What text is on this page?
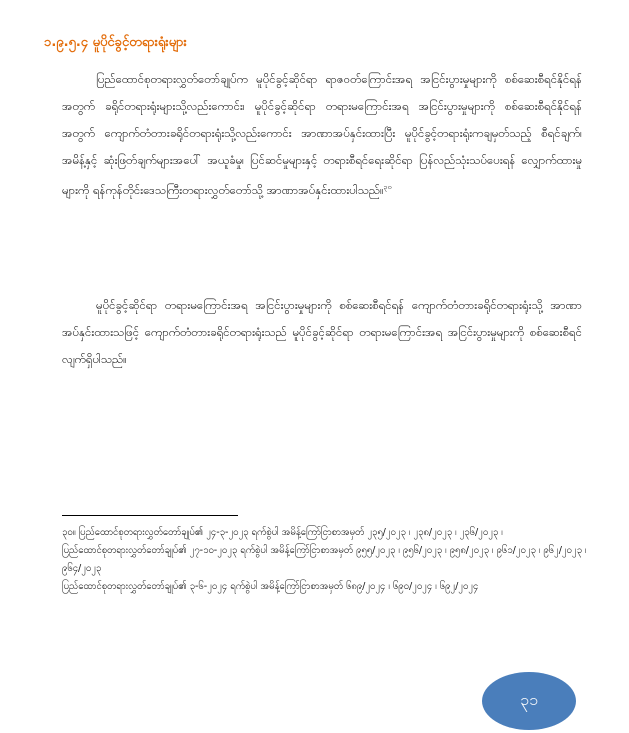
၁.၉.၅.၄ မူပိုင်ခွင့်တရားရုံးများ

ပြည်ထောင်စုတရားလွှတ်တော်ချုပ်က မူပိုင်ခွင့်ဆိုင်ရာ ရာဇဝတ်ကြောင်းအရ အငြင်းပွားမှုများကို စစ်ဆေးစီရင်နိုင်ရန်အတွက် ခရိုင်တရားရုံးများသို့လည်းကောင်း၊ မူပိုင်ခွင့်ဆိုင်ရာ တရားမကြောင်းအရ အငြင်းပွားမှုများကို စစ်ဆေးစီရင်နိုင်ရန်အတွက် ကျောက်တံတားခရိုင်တရားရုံးသို့လည်းကောင်း အာဏာအပ်နှင်းထားပြီး မူပိုင်ခွင့်တရားရုံးကချမှတ်သည့် စီရင်ချက်၊ အမိန့်နှင့် ဆုံးဖြတ်ချက်များအပေါ် အယူခံမှု၊ ပြင်ဆင်မှုများနှင့် တရားစီရင်ရေးဆိုင်ရာ ပြန်လည်သုံးသပ်ပေးရန် လျှောက်ထားမှုများကို ရန်ကုန်တိုင်းဒေသကြီးတရားလွှတ်တော်သို့ အာဏာအပ်နှင်းထားပါသည်။$^{၃၀}$

မူပိုင်ခွင့်ဆိုင်ရာ တရားမကြောင်းအရ အငြင်းပွားမှုများကို စစ်ဆေးစီရင်ရန် ကျောက်တံတားခရိုင်တရားရုံးသို့ အာဏာအပ်နှင်းထားသဖြင့် ကျောက်တံတားခရိုင်တရားရုံးသည် မူပိုင်ခွင့်ဆိုင်ရာ တရားမကြောင်းအရ အငြင်းပွားမှုများကို စစ်ဆေးစီရင်လျက်ရှိပါသည်။

၃၀။ ပြည်ထောင်စုတရားလွှတ်တော်ချုပ်၏ ၂၄-၃-၂၀၂၃ ရက်စွဲပါ အမိန့်ကြော်ငြာစာအမှတ် ၂၃၅/၂၀၂၃ ၊ ၂၃၈/၂၀၂၃ ၊ ၂၃၆/၂၀၂၃ ၊

ပြည်ထောင်စုတရားလွှတ်တော်ချုပ်၏ ၂၇-၁၀-၂၀၂၃ ရက်စွဲပါ အမိန့်ကြော်ငြာစာအမှတ် ၉၅၅/၂၀၂၃ ၊ ၉၅၆/၂၀၂၃ ၊ ၉၅၈/၂၀၂၃ ၊ ၉၆၁/၂၀၂၃ ၊ ၉၆၂/၂၀၂၃ ၊ ၉၆၄/၂၀၂၃

ပြည်ထောင်စုတရားလွှတ်တော်ချုပ်၏ ၃-၆-၂၀၂၄ ရက်စွဲပါ အမိန့်ကြော်ငြာစာအမှတ် ၆၈၉/၂၀၂၄ ၊ ၆၉၀/၂၀၂၄ ၊ ၆၉၂/၂၀၂၄

၃၁
